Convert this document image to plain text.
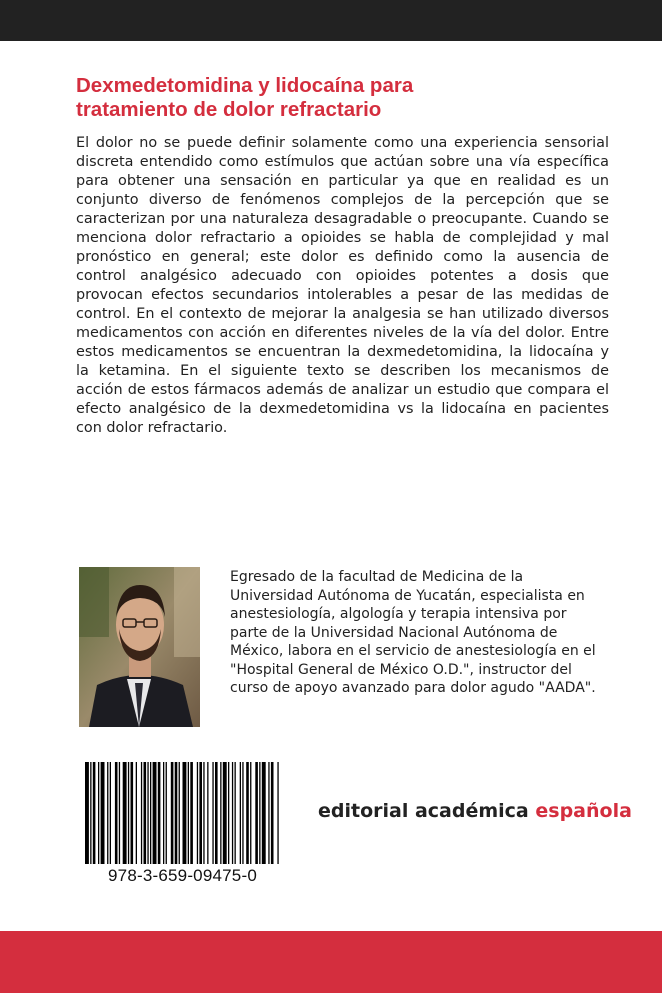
Dexmedetomidina y lidocaína para
tratamiento de dolor refractario
El dolor no se puede definir solamente como una experiencia sensorial
discreta entendido como estímulos que actúan sobre una vía específica
para obtener una sensación en particular ya que en realidad es un
conjunto diverso de fenómenos complejos de la percepción que se
caracterizan por una naturaleza desagradable o preocupante. Cuando se
menciona dolor refractario a opioides se habla de complejidad y mal
pronóstico en general; este dolor es definido como la ausencia de
control analgésico adecuado con opioides potentes a dosis que
provocan efectos secundarios intolerables a pesar de las medidas de
control. En el contexto de mejorar la analgesia se han utilizado diversos
medicamentos con acción en diferentes niveles de la vía del dolor. Entre
estos medicamentos se encuentran la dexmedetomidina, la lidocaína y
la ketamina. En el siguiente texto se describen los mecanismos de
acción de estos fármacos además de analizar un estudio que compara el
efecto analgésico de la dexmedetomidina vs la lidocaína en pacientes
con dolor refractario.
Egresado de la facultad de Medicina de la
Universidad Autónoma de Yucatán, especialista en
anestesiología, algología y terapia intensiva por
parte de la Universidad Nacional Autónoma de
México, labora en el servicio de anestesiología en el
"Hospital General de México O.D.", instructor del
curso de apoyo avanzado para dolor agudo "AADA".
978-3-659-09475-0
editorial académica española
